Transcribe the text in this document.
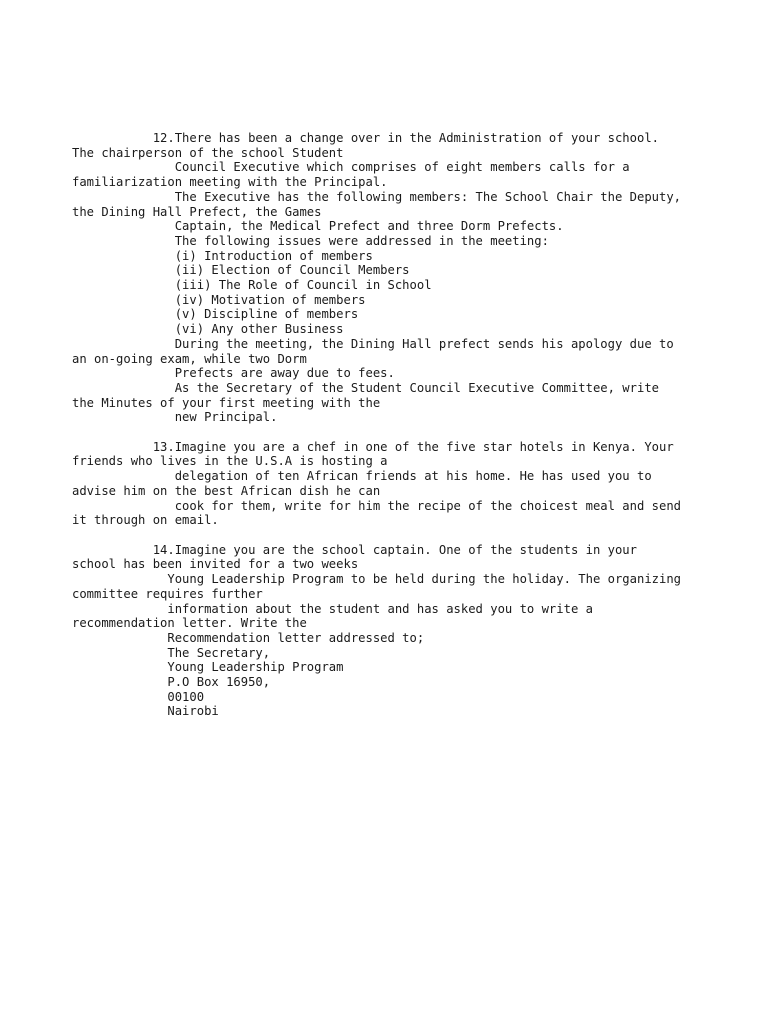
12.There has been a change over in the Administration of your school.
The chairperson of the school Student
Council Executive which comprises of eight members calls for a
familiarization meeting with the Principal.
The Executive has the following members: The School Chair the Deputy,
the Dining Hall Prefect, the Games
Captain, the Medical Prefect and three Dorm Prefects.
The following issues were addressed in the meeting:
(i) Introduction of members
(ii) Election of Council Members
(iii) The Role of Council in School
(iv) Motivation of members
(v) Discipline of members
(vi) Any other Business
During the meeting, the Dining Hall prefect sends his apology due to
an on-going exam, while two Dorm
Prefects are away due to fees.
As the Secretary of the Student Council Executive Committee, write
the Minutes of your first meeting with the
new Principal.

13.Imagine you are a chef in one of the five star hotels in Kenya. Your
friends who lives in the U.S.A is hosting a
delegation of ten African friends at his home. He has used you to
advise him on the best African dish he can
cook for them, write for him the recipe of the choicest meal and send
it through on email.

14.Imagine you are the school captain. One of the students in your
school has been invited for a two weeks
Young Leadership Program to be held during the holiday. The organizing
committee requires further
information about the student and has asked you to write a
recommendation letter. Write the
Recommendation letter addressed to;
The Secretary,
Young Leadership Program
P.O Box 16950,
00100
Nairobi
